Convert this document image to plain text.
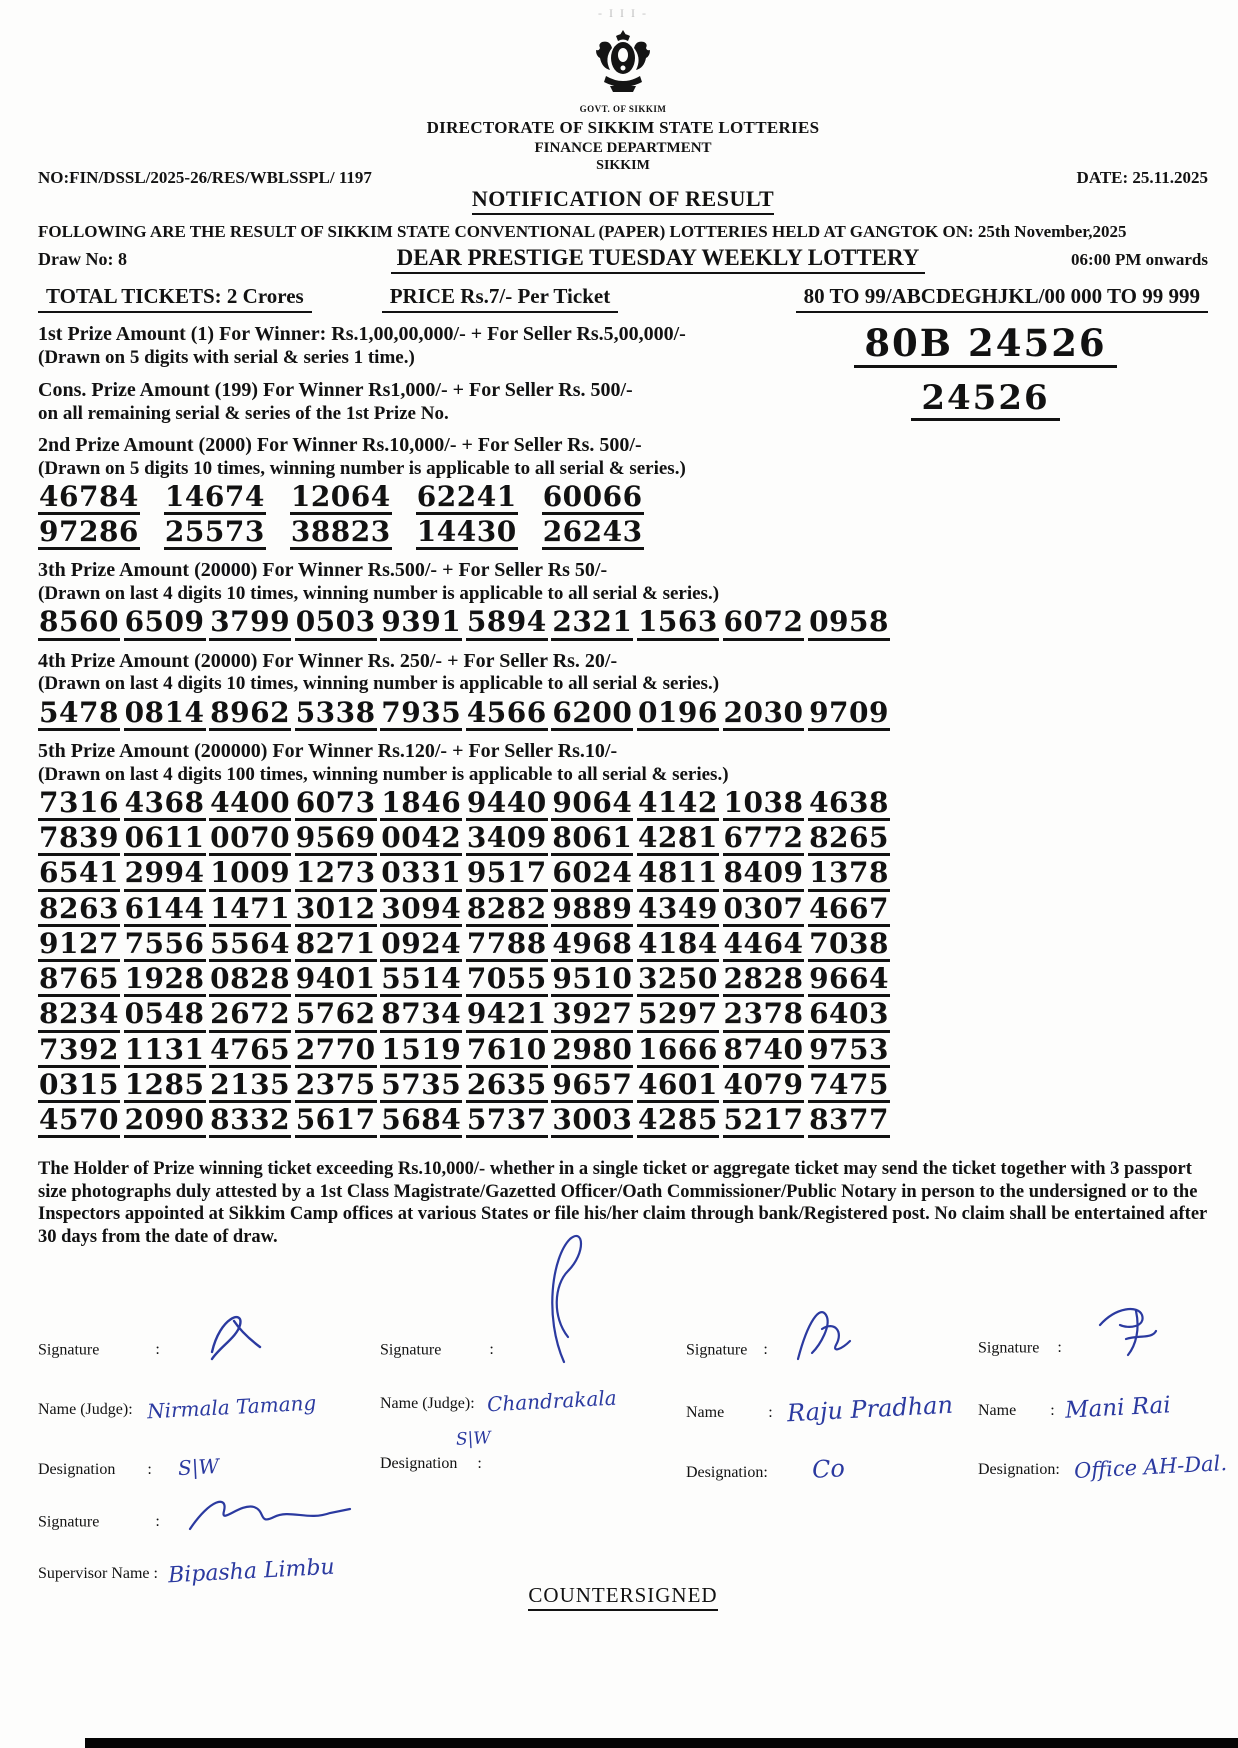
- I I I -
GOVT. OF SIKKIM
DIRECTORATE OF SIKKIM STATE LOTTERIES
FINANCE DEPARTMENT
SIKKIM
NO:FIN/DSSL/2025-26/RES/WBLSSPL/ 1197	DATE: 25.11.2025
NOTIFICATION OF RESULT
FOLLOWING ARE THE RESULT OF SIKKIM STATE CONVENTIONAL (PAPER) LOTTERIES HELD AT GANGTOK ON: 25th November,2025
Draw No: 8	DEAR PRESTIGE TUESDAY WEEKLY LOTTERY	06:00 PM onwards
TOTAL TICKETS: 2 Crores	PRICE Rs.7/- Per Ticket	80 TO 99/ABCDEGHJKL/00 000 TO 99 999
1st Prize Amount (1) For Winner: Rs.1,00,00,000/- + For Seller Rs.5,00,000/-
(Drawn on 5 digits with serial & series 1 time.)	80B 24526
Cons. Prize Amount (199) For Winner Rs1,000/- + For Seller Rs. 500/-
on all remaining serial & series of the 1st Prize No.	24526
2nd Prize Amount (2000) For Winner Rs.10,000/- + For Seller Rs. 500/-
(Drawn on 5 digits 10 times, winning number is applicable to all serial & series.)
46784 14674 12064 62241 60066
97286 25573 38823 14430 26243
3th Prize Amount (20000) For Winner Rs.500/- + For Seller Rs 50/-
(Drawn on last 4 digits 10 times, winning number is applicable to all serial & series.)
8560 6509 3799 0503 9391 5894 2321 1563 6072 0958
4th Prize Amount (20000) For Winner Rs. 250/- + For Seller Rs. 20/-
(Drawn on last 4 digits 10 times, winning number is applicable to all serial & series.)
5478 0814 8962 5338 7935 4566 6200 0196 2030 9709
5th Prize Amount (200000) For Winner Rs.120/- + For Seller Rs.10/-
(Drawn on last 4 digits 100 times, winning number is applicable to all serial & series.)
7316 4368 4400 6073 1846 9440 9064 4142 1038 4638
7839 0611 0070 9569 0042 3409 8061 4281 6772 8265
6541 2994 1009 1273 0331 9517 6024 4811 8409 1378
8263 6144 1471 3012 3094 8282 9889 4349 0307 4667
9127 7556 5564 8271 0924 7788 4968 4184 4464 7038
8765 1928 0828 9401 5514 7055 9510 3250 2828 9664
8234 0548 2672 5762 8734 9421 3927 5297 2378 6403
7392 1131 4765 2770 1519 7610 2980 1666 8740 9753
0315 1285 2135 2375 5735 2635 9657 4601 4079 7475
4570 2090 8332 5617 5684 5737 3003 4285 5217 8377
The Holder of Prize winning ticket exceeding Rs.10,000/- whether in a single ticket or aggregate ticket may send the ticket together with 3 passport size photographs duly attested by a 1st Class Magistrate/Gazetted Officer/Oath Commissioner/Public Notary in person to the undersigned or to the Inspectors appointed at Sikkim Camp offices at various States or file his/her claim through bank/Registered post. No claim shall be entertained after 30 days from the date of draw.
Signature	:
Name (Judge): Nirmala Tamang
Designation : S|W
Signature	:
Name (Judge): Chandrakala
S|W
Designation :
Signature :
Name	: Raju Pradhan
Designation: Co
Signature :
Name : Mani Rai
Designation: Office AH-Dal.
Signature	:
Supervisor Name : Bipasha Limbu
COUNTERSIGNED
